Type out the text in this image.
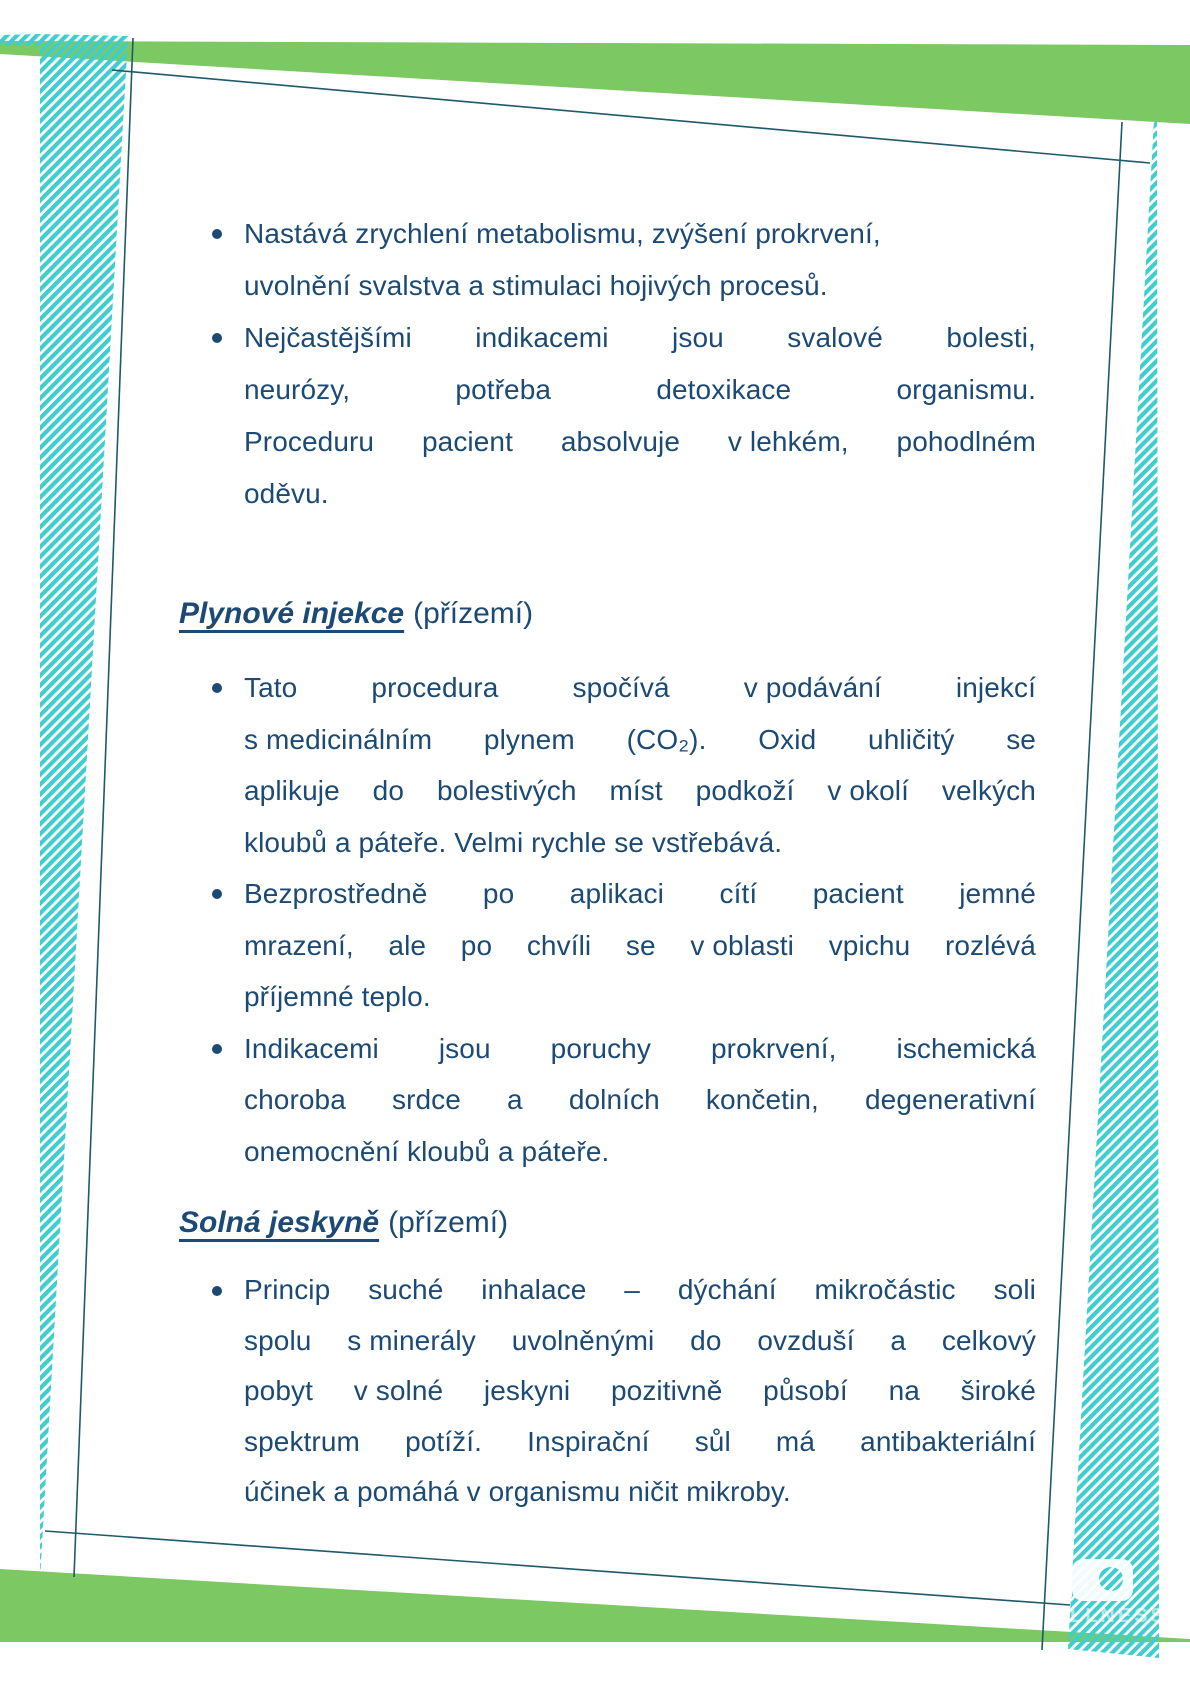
LLNESS
Nastává zrychlení metabolismu, zvýšení prokrvení,
uvolnění svalstva a stimulaci hojivých procesů.
Nejčastějšími indikacemi jsou svalové bolesti,
neurózy,	potřeba	detoxikace	organismu.
Proceduru pacient absolvuje v lehkém, pohodlném
oděvu.
Plynové injekce (přízemí)
Tato	procedura	spočívá	v podávání	injekcí
s medicinálním plynem (CO₂). Oxid uhličitý se
aplikuje do bolestivých míst podkoží v okolí velkých
kloubů a páteře. Velmi rychle se vstřebává.
Bezprostředně po aplikaci cítí pacient jemné
mrazení, ale po chvíli se v oblasti vpichu rozlévá
příjemné teplo.
Indikacemi jsou poruchy prokrvení, ischemická
choroba srdce a dolních končetin, degenerativní
onemocnění kloubů a páteře.
Solná jeskyně (přízemí)
Princip suché inhalace – dýchání mikročástic soli
spolu s minerály uvolněnými do ovzduší a celkový
pobyt v solné jeskyni pozitivně působí na široké
spektrum potíží. Inspirační sůl má antibakteriální
účinek a pomáhá v organismu ničit mikroby.
